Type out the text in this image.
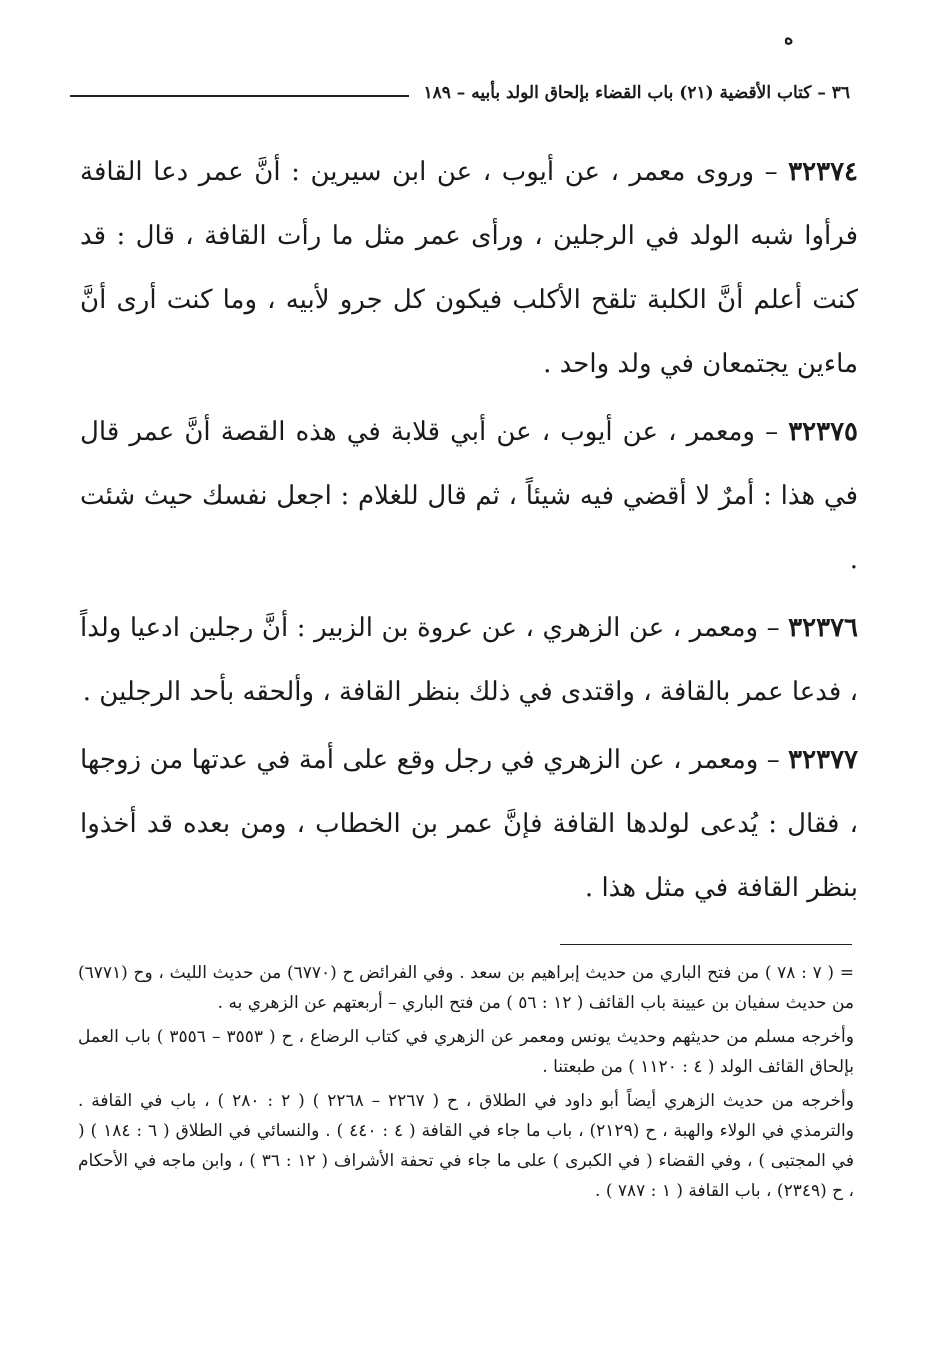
ه
٣٦ – كتاب الأقضية (٢١) باب القضاء بإلحاق الولد بأبيه – ١٨٩

٣٢٣٧٤ – وروى معمر ، عن أيوب ، عن ابن سيرين : أنَّ عمر دعا القافة فرأوا شبه الولد في الرجلين ، ورأى عمر مثل ما رأت القافة ، قال : قد كنت أعلم أنَّ الكلبة تلقح الأكلب فيكون كل جرو لأبيه ، وما كنت أرى أنَّ ماءين يجتمعان في ولد واحد .

٣٢٣٧٥ – ومعمر ، عن أيوب ، عن أبي قلابة في هذه القصة أنَّ عمر قال في هذا : أمرٌ لا أقضي فيه شيئاً ، ثم قال للغلام : اجعل نفسك حيث شئت .

٣٢٣٧٦ – ومعمر ، عن الزهري ، عن عروة بن الزبير : أنَّ رجلين ادعيا ولداً ، فدعا عمر بالقافة ، واقتدى في ذلك بنظر القافة ، وألحقه بأحد الرجلين .

٣٢٣٧٧ – ومعمر ، عن الزهري في رجل وقع على أمة في عدتها من زوجها ، فقال : يُدعى لولدها القافة فإنَّ عمر بن الخطاب ، ومن بعده قد أخذوا بنظر القافة في مثل هذا .

= ( ٧ : ٧٨ ) من فتح الباري من حديث إبراهيم بن سعد . وفي الفرائض ح (٦٧٧٠) من حديث الليث ، وح (٦٧٧١) من حديث سفيان بن عيينة باب القائف ( ١٢ : ٥٦ ) من فتح الباري – أربعتهم عن الزهري به .

وأخرجه مسلم من حديثهم وحديث يونس ومعمر عن الزهري في كتاب الرضاع ، ح ( ٣٥٥٣ – ٣٥٥٦ ) باب العمل بإلحاق القائف الولد ( ٤ : ١١٢٠ ) من طبعتنا .

وأخرجه من حديث الزهري أيضاً أبو داود في الطلاق ، ح ( ٢٢٦٧ – ٢٢٦٨ ) ( ٢ : ٢٨٠ ) ، باب في القافة . والترمذي في الولاء والهبة ، ح (٢١٢٩) ، باب ما جاء في القافة ( ٤ : ٤٤٠ ) . والنسائي في الطلاق ( ٦ : ١٨٤ ) ( في المجتبى ) ، وفي القضاء ( في الكبرى ) على ما جاء في تحفة الأشراف ( ١٢ : ٣٦ ) ، وابن ماجه في الأحكام ، ح (٢٣٤٩) ، باب القافة ( ١ : ٧٨٧ ) .
